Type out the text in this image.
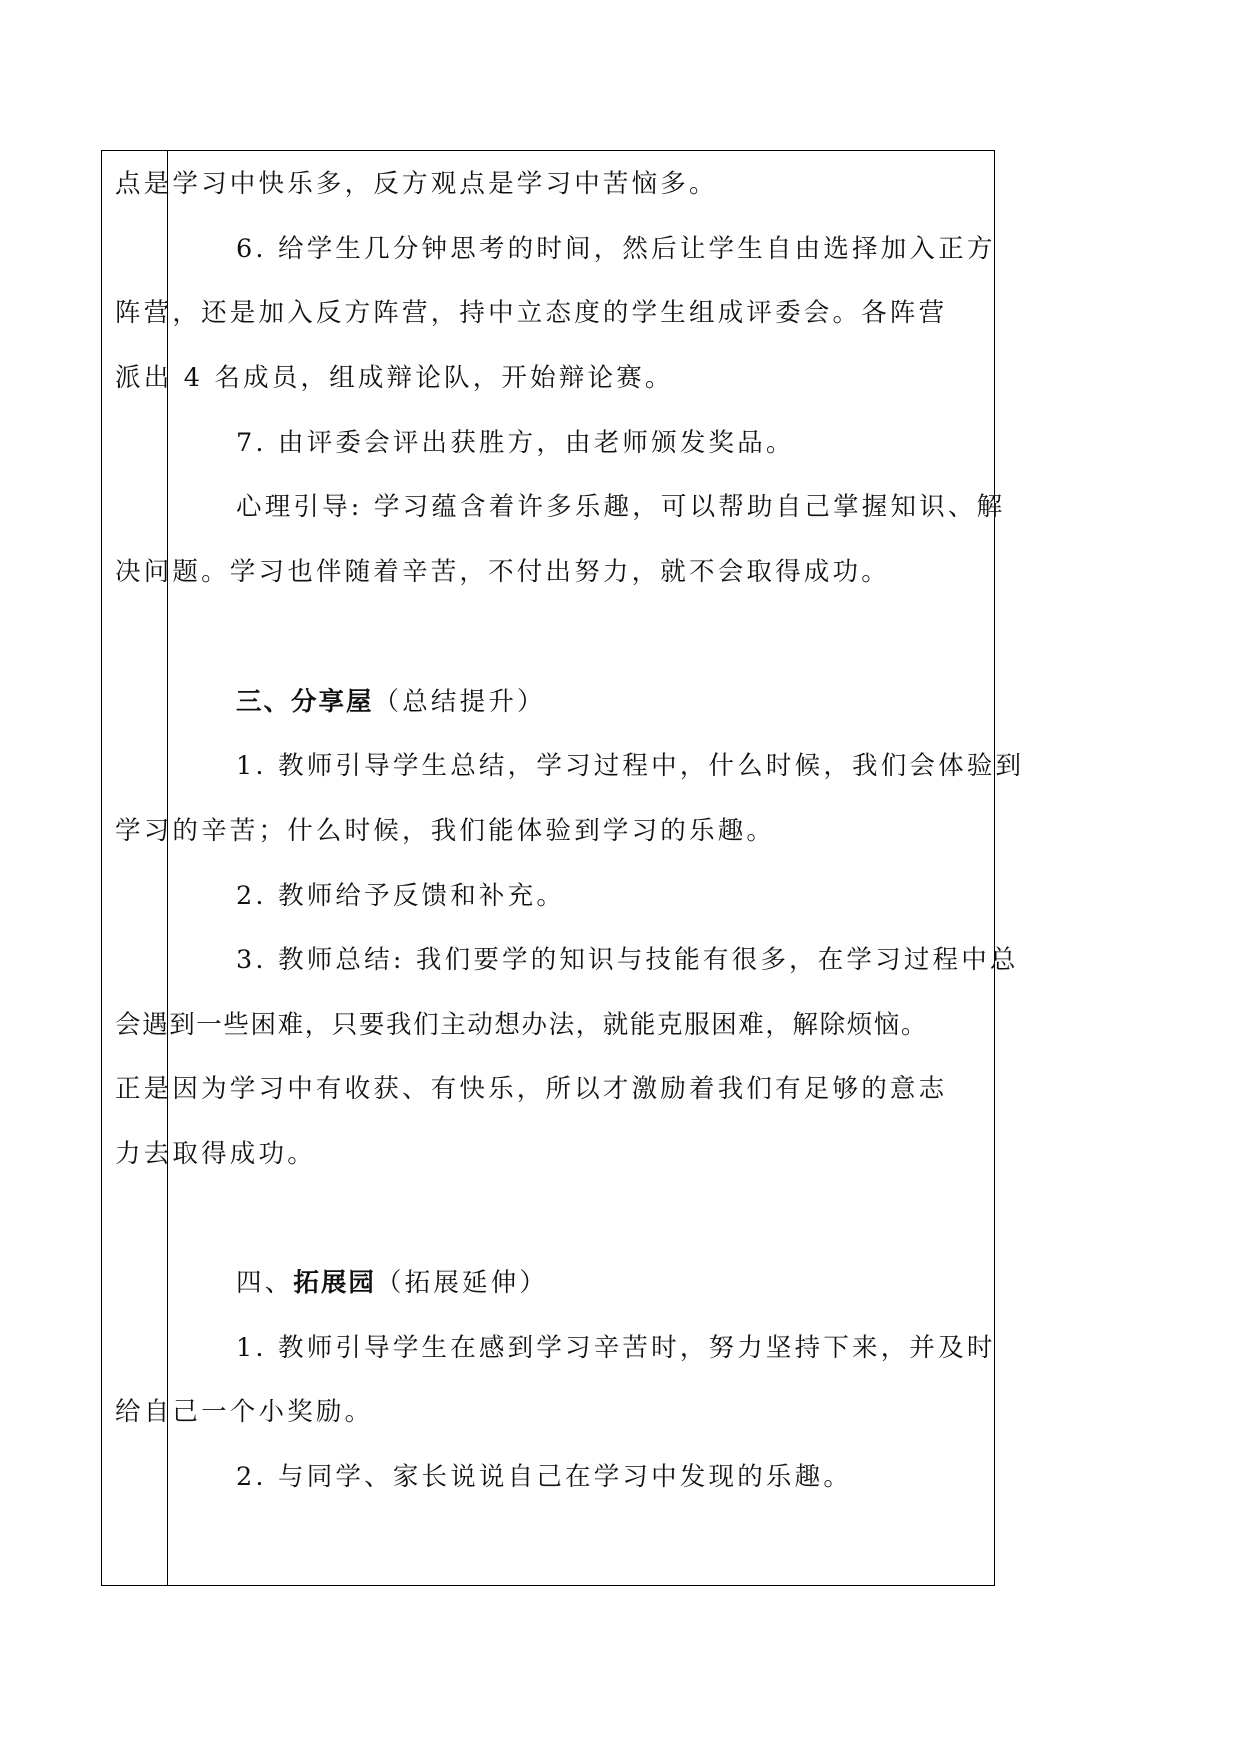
点是学习中快乐多，反方观点是学习中苦恼多。
6. 给学生几分钟思考的时间，然后让学生自由选择加入正方
阵营，还是加入反方阵营，持中立态度的学生组成评委会。各阵营
派出 4 名成员，组成辩论队，开始辩论赛。
7. 由评委会评出获胜方，由老师颁发奖品。
心理引导: 学习蕴含着许多乐趣，可以帮助自己掌握知识、解
决问题。学习也伴随着辛苦，不付出努力，就不会取得成功。
三、分享屋（总结提升）
1. 教师引导学生总结，学习过程中，什么时候，我们会体验到
学习的辛苦；什么时候，我们能体验到学习的乐趣。
2. 教师给予反馈和补充。
3. 教师总结: 我们要学的知识与技能有很多，在学习过程中总
会遇到一些困难，只要我们主动想办法，就能克服困难，解除烦恼。
正是因为学习中有收获、有快乐，所以才激励着我们有足够的意志
力去取得成功。
四、拓展园（拓展延伸）
1. 教师引导学生在感到学习辛苦时，努力坚持下来，并及时
给自己一个小奖励。
2. 与同学、家长说说自己在学习中发现的乐趣。
